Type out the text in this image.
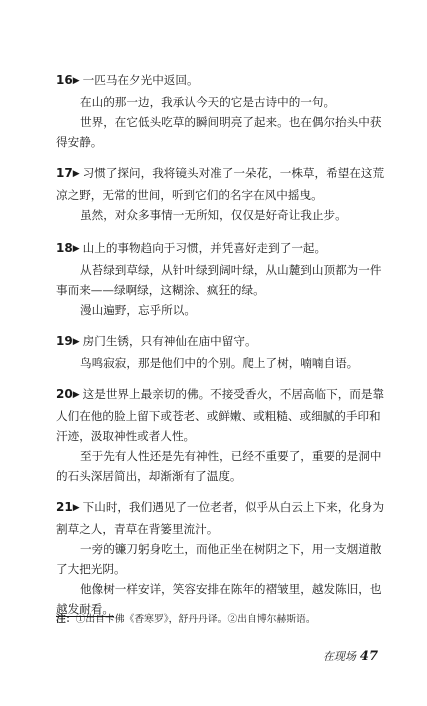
16▶ 一匹马在夕光中返回。
在山的那一边，我承认今天的它是古诗中的一句。
世界，在它低头吃草的瞬间明亮了起来。也在偶尔抬头中获
得安静。
17▶ 习惯了探问，我将镜头对准了一朵花，一株草，希望在这荒
凉之野，无常的世间，听到它们的名字在风中摇曳。
虽然，对众多事情一无所知，仅仅是好奇让我止步。
18▶ 山上的事物趋向于习惯，并凭喜好走到了一起。
从苔绿到草绿，从针叶绿到阔叶绿，从山麓到山顶都为一件
事而来——绿啊绿，这糊涂、疯狂的绿。
漫山遍野，忘乎所以。
19▶ 房门生锈，只有神仙在庙中留守。
鸟鸣寂寂，那是他们中的个别。爬上了树，喃喃自语。
20▶ 这是世界上最亲切的佛。不接受香火，不居高临下，而是靠
人们在他的脸上留下或苍老、或鲜嫩、或粗糙、或细腻的手印和
汗迹，汲取神性或者人性。
至于先有人性还是先有神性，已经不重要了，重要的是洞中
的石头深居简出，却渐渐有了温度。
21▶ 下山时，我们遇见了一位老者，似乎从白云上下来，化身为
割草之人，青草在背篓里流汁。
一旁的镰刀躬身吃土，而他正坐在树阴之下，用一支烟道散
了大把光阴。
他像树一样安详，笑容安排在陈年的褶皱里，越发陈旧，也
越发耐看。
注：①出自卡佛《香寒罗》，舒丹丹译。②出自博尔赫斯语。
在现场 47
